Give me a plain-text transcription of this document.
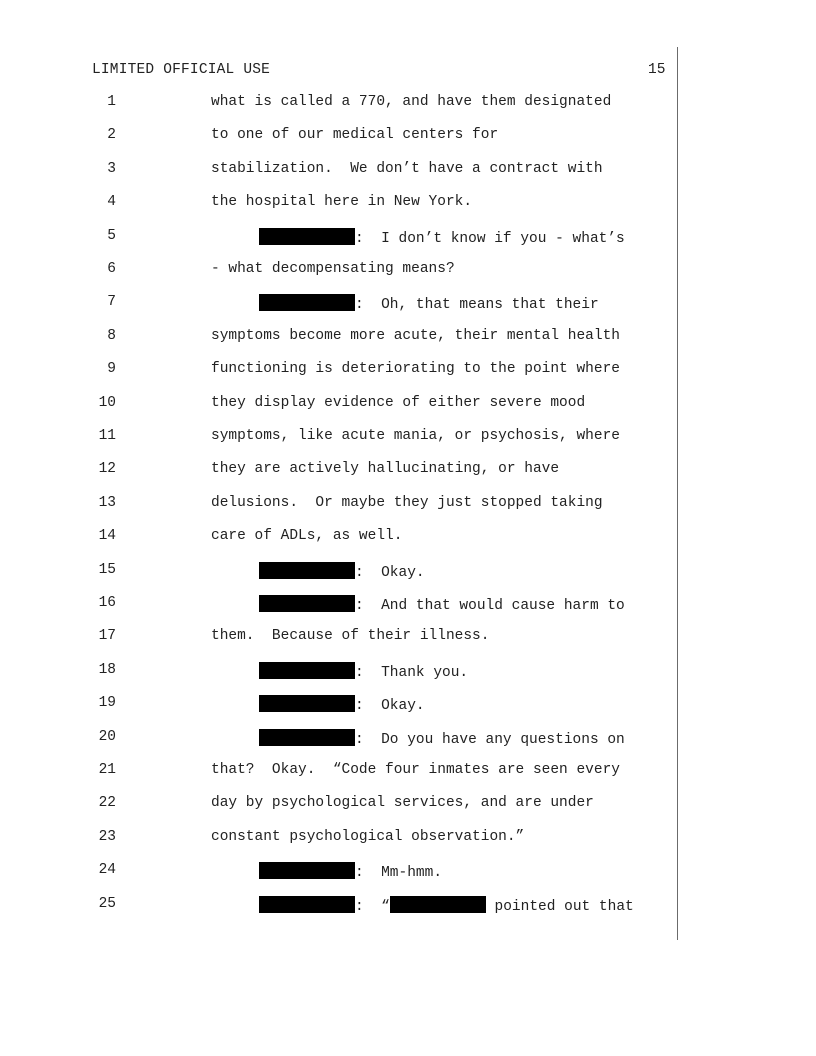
LIMITED OFFICIAL USE	15
1	what is called a 770, and have them designated
2	to one of our medical centers for
3	stabilization.  We don’t have a contract with
4	the hospital here in New York.
5	:  I don’t know if you - what’s
6	- what decompensating means?
7	:  Oh, that means that their
8	symptoms become more acute, their mental health
9	functioning is deteriorating to the point where
10	they display evidence of either severe mood
11	symptoms, like acute mania, or psychosis, where
12	they are actively hallucinating, or have
13	delusions.  Or maybe they just stopped taking
14	care of ADLs, as well.
15	:  Okay.
16	:  And that would cause harm to
17	them.  Because of their illness.
18	:  Thank you.
19	:  Okay.
20	:  Do you have any questions on
21	that?  Okay.  “Code four inmates are seen every
22	day by psychological services, and are under
23	constant psychological observation.”
24	:  Mm-hmm.
25	:  “	pointed out that
